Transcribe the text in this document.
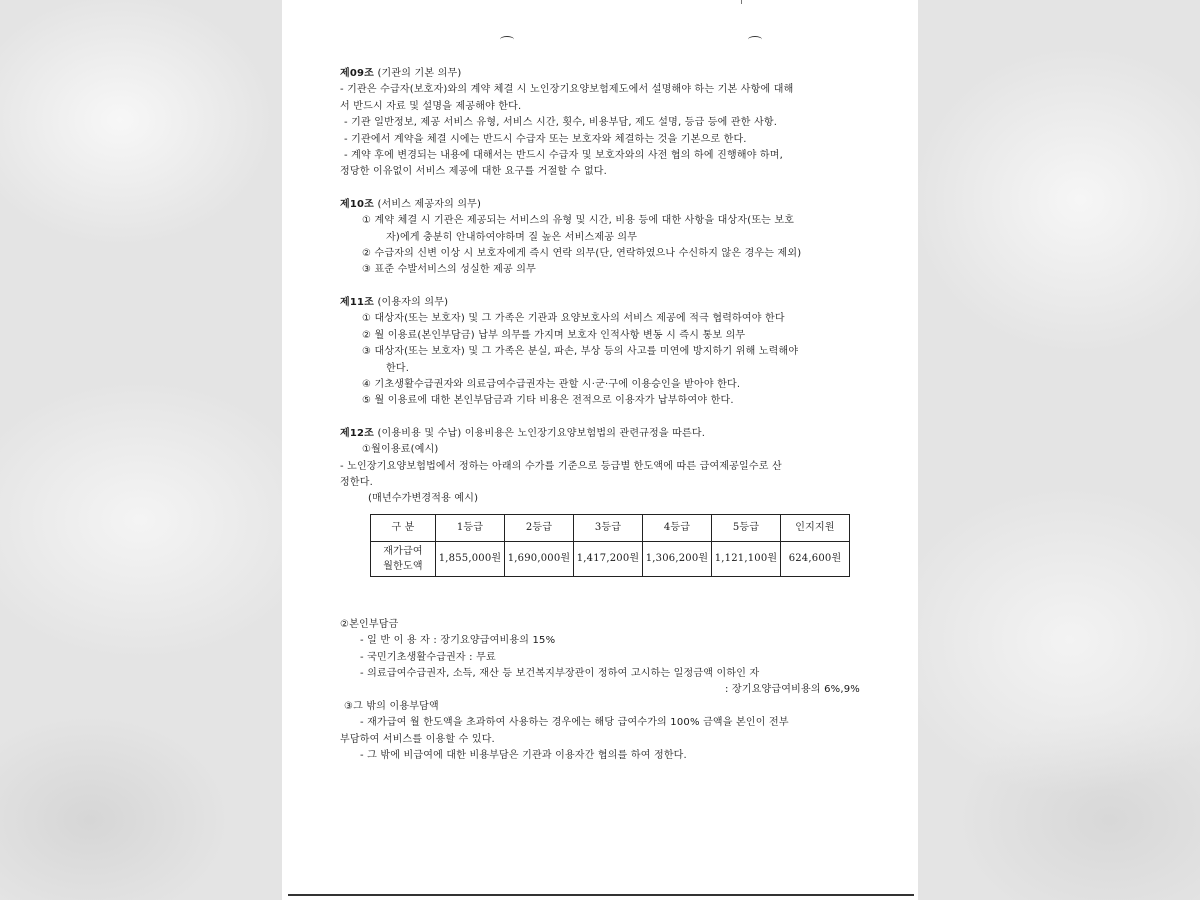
제09조 (기관의 기본 의무)

- 기관은 수급자(보호자)와의 계약 체결 시 노인장기요양보험제도에서 설명해야 하는 기본 사항에 대해

서 반드시 자료 및 설명을 제공해야 한다.

- 기관 일반정보, 제공 서비스 유형, 서비스 시간, 횟수, 비용부담, 제도 설명, 등급 등에 관한 사항.

- 기관에서 계약을 체결 시에는 반드시 수급자 또는 보호자와 체결하는 것을 기본으로 한다.

- 계약 후에 변경되는 내용에 대해서는 반드시 수급자 및 보호자와의 사전 협의 하에 진행해야 하며,

정당한 이유없이 서비스 제공에 대한 요구를 거절할 수 없다.

제10조 (서비스 제공자의 의무)

① 계약 체결 시 기관은 제공되는 서비스의 유형 및 시간, 비용 등에 대한 사항을 대상자(또는 보호

자)에게 충분히 안내하여야하며 질 높은 서비스제공 의무

② 수급자의 신변 이상 시 보호자에게 즉시 연락 의무(단, 연락하였으나 수신하지 않은 경우는 제외)

③ 표준 수발서비스의 성실한 제공 의무

제11조 (이용자의 의무)

① 대상자(또는 보호자) 및 그 가족은 기관과 요양보호사의 서비스 제공에 적극 협력하여야 한다

② 월 이용료(본인부담금) 납부 의무를 가지며 보호자 인적사항 변동 시 즉시 통보 의무

③ 대상자(또는 보호자) 및 그 가족은 분실, 파손, 부상 등의 사고를 미연에 방지하기 위해 노력해야

한다.

④ 기초생활수급권자와 의료급여수급권자는 관할 시·군·구에 이용승인을 받아야 한다.

⑤ 월 이용료에 대한 본인부담금과 기타 비용은 전적으로 이용자가 납부하여야 한다.

제12조 (이용비용 및 수납) 이용비용은 노인장기요양보험법의 관련규정을 따른다.

①월이용료(예시)

- 노인장기요양보험법에서 정하는 아래의 수가를 기준으로 등급별 한도액에 따른 급여제공일수로 산

정한다.

(매년수가변경적용 예시)

구 분	1등급	2등급	3등급	4등급	5등급	인지지원
재가급여
월한도액	1,855,000원	1,690,000원	1,417,200원	1,306,200원	1,121,100원	624,600원

②본인부담금

- 일 반 이 용 자 : 장기요양급여비용의 15%

- 국민기초생활수급권자 : 무료

- 의료급여수급권자, 소득, 재산 등 보건복지부장관이 정하여 고시하는 일정금액 이하인 자

: 장기요양급여비용의 6%,9%

③그 밖의 이용부담액

- 재가급여 월 한도액을 초과하여 사용하는 경우에는 해당 급여수가의 100% 금액을 본인이 전부

부담하여 서비스를 이용할 수 있다.

- 그 밖에 비급여에 대한 비용부담은 기관과 이용자간 협의를 하여 정한다.
